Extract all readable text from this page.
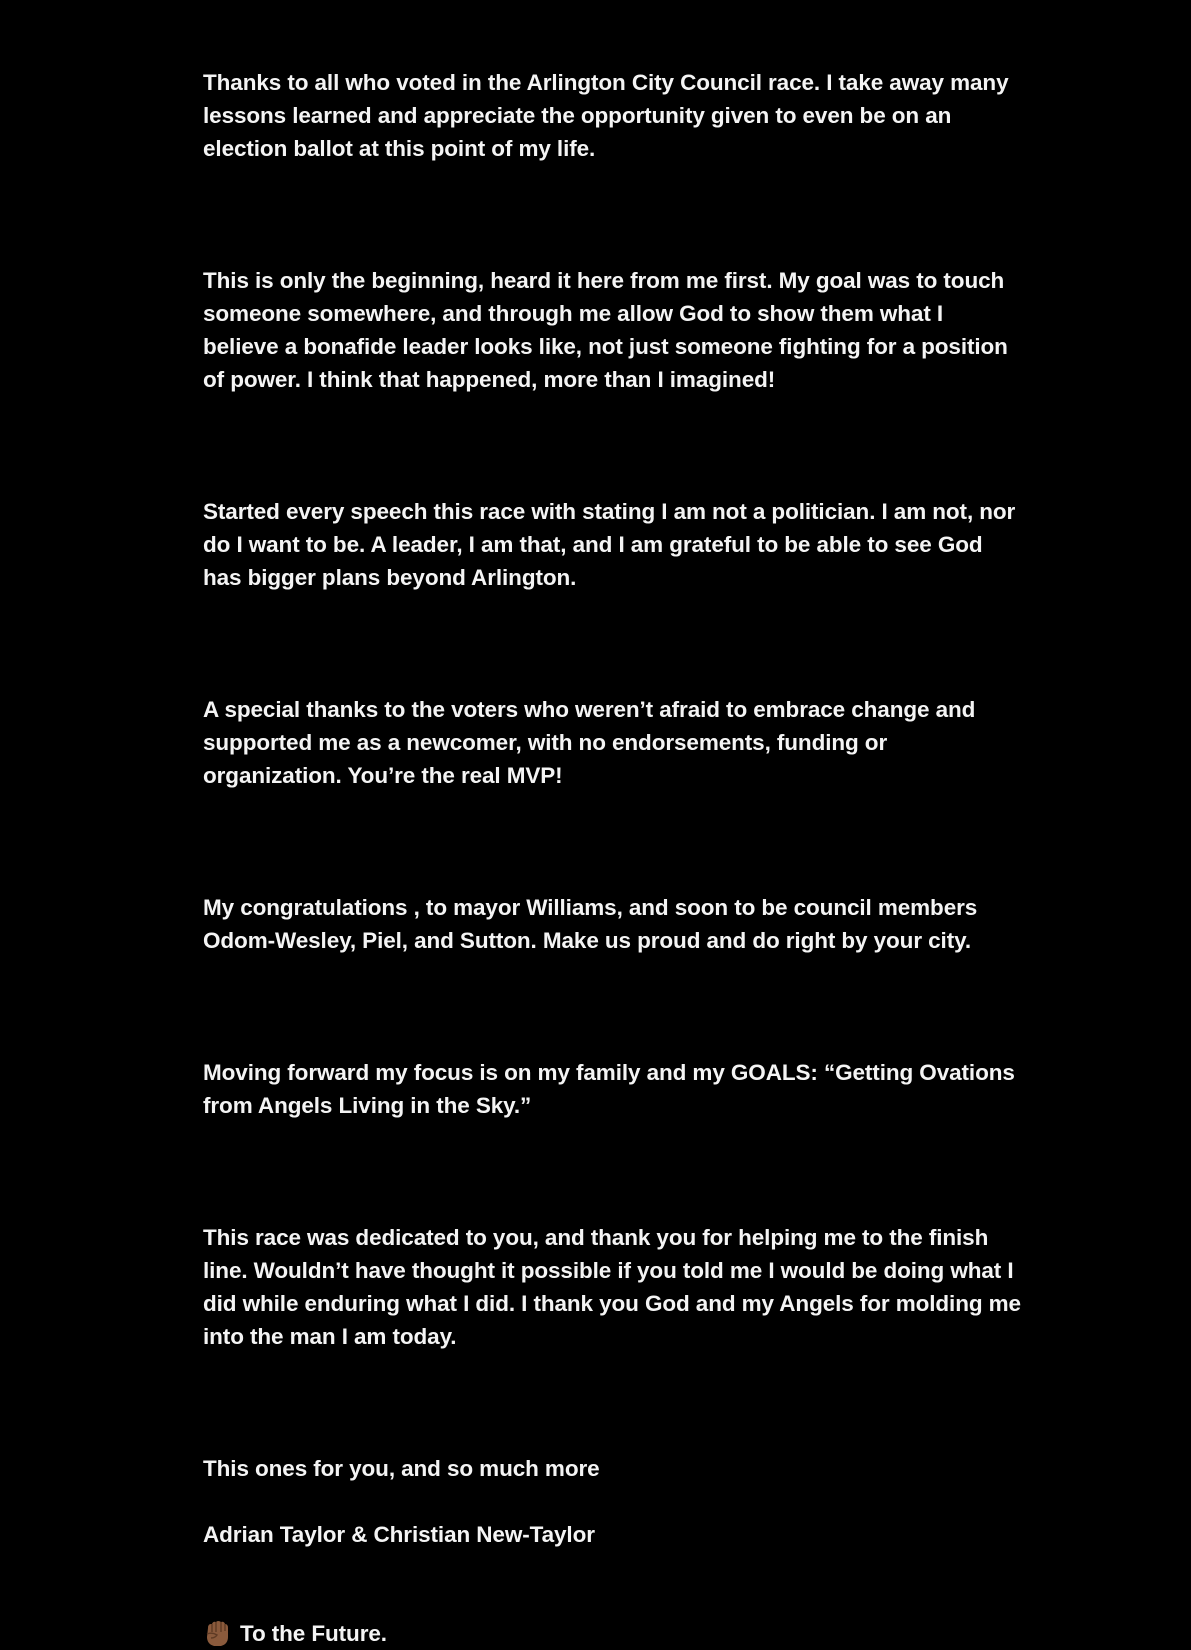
Thanks to all who voted in the Arlington City Council race. I take away many lessons learned and appreciate the opportunity given to even be on an election ballot at this point of my life.

This is only the beginning, heard it here from me first. My goal was to touch someone somewhere, and through me allow God to show them what I believe a bonafide leader looks like, not just someone fighting for a position of power. I think that happened, more than I imagined!

Started every speech this race with stating I am not a politician. I am not, nor do I want to be. A leader, I am that, and I am grateful to be able to see God has bigger plans beyond Arlington.

A special thanks to the voters who weren’t afraid to embrace change and supported me as a newcomer, with no endorsements, funding or organization. You’re the real MVP!

My congratulations , to mayor Williams, and soon to be council members Odom-Wesley, Piel, and Sutton. Make us proud and do right by your city.

Moving forward my focus is on my family and my GOALS: “Getting Ovations from Angels Living in the Sky.”

This race was dedicated to you, and thank you for helping me to the finish line. Wouldn’t have thought it possible if you told me I would be doing what I did while enduring what I did. I thank you God and my Angels for molding me into the man I am today.

This ones for you, and so much more

Adrian Taylor & Christian New-Taylor

To the Future.
